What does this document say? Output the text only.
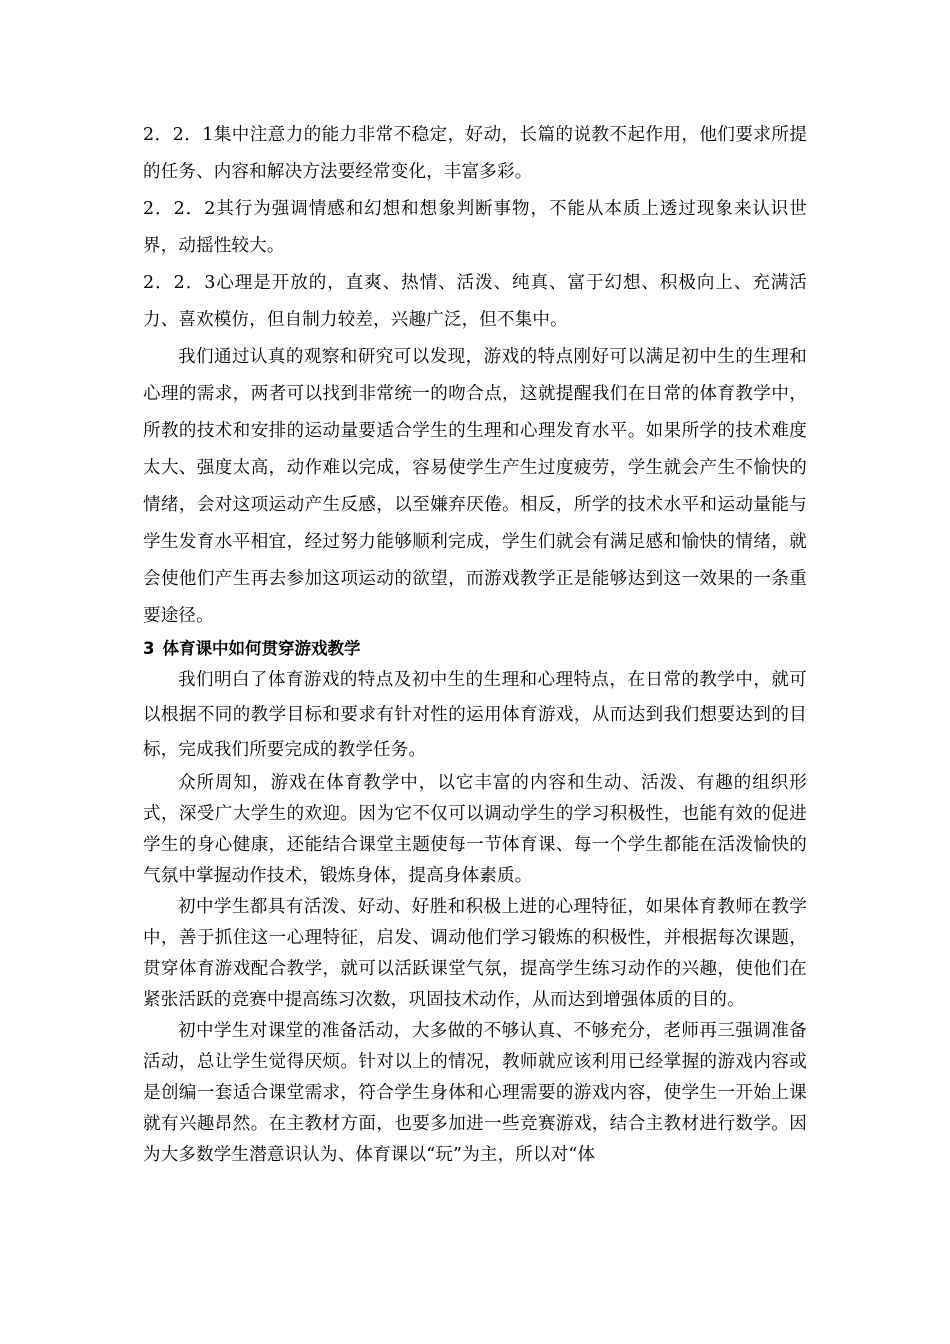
2．2．1集中注意力的能力非常不稳定，好动，长篇的说教不起作用，他们要求所提的任务、内容和解决方法要经常变化，丰富多彩。

2．2．2其行为强调情感和幻想和想象判断事物，不能从本质上透过现象来认识世界，动摇性较大。

2．2．3心理是开放的，直爽、热情、活泼、纯真、富于幻想、积极向上、充满活力、喜欢模仿，但自制力较差，兴趣广泛，但不集中。

我们通过认真的观察和研究可以发现，游戏的特点刚好可以满足初中生的生理和心理的需求，两者可以找到非常统一的吻合点，这就提醒我们在日常的体育教学中，所教的技术和安排的运动量要适合学生的生理和心理发育水平。如果所学的技术难度太大、强度太高，动作难以完成，容易使学生产生过度疲劳，学生就会产生不愉快的情绪，会对这项运动产生反感，以至嫌弃厌倦。相反，所学的技术水平和运动量能与学生发育水平相宜，经过努力能够顺利完成，学生们就会有满足感和愉快的情绪，就会使他们产生再去参加这项运动的欲望，而游戏教学正是能够达到这一效果的一条重要途径。

3 体育课中如何贯穿游戏教学

我们明白了体育游戏的特点及初中生的生理和心理特点，在日常的教学中，就可以根据不同的教学目标和要求有针对性的运用体育游戏，从而达到我们想要达到的目标，完成我们所要完成的教学任务。

众所周知，游戏在体育教学中，以它丰富的内容和生动、活泼、有趣的组织形式，深受广大学生的欢迎。因为它不仅可以调动学生的学习积极性，也能有效的促进学生的身心健康，还能结合课堂主题使每一节体育课、每一个学生都能在活泼愉快的气氛中掌握动作技术，锻炼身体，提高身体素质。

初中学生都具有活泼、好动、好胜和积极上进的心理特征，如果体育教师在教学中，善于抓住这一心理特征，启发、调动他们学习锻炼的积极性，并根据每次课题，贯穿体育游戏配合教学，就可以活跃课堂气氛，提高学生练习动作的兴趣，使他们在紧张活跃的竞赛中提高练习次数，巩固技术动作，从而达到增强体质的目的。

初中学生对课堂的准备活动，大多做的不够认真、不够充分，老师再三强调准备活动，总让学生觉得厌烦。针对以上的情况，教师就应该利用已经掌握的游戏内容或是创编一套适合课堂需求，符合学生身体和心理需要的游戏内容，使学生一开始上课就有兴趣昂然。在主教材方面，也要多加进一些竞赛游戏，结合主教材进行数学。因为大多数学生潜意识认为、体育课以“玩”为主，所以对“体
